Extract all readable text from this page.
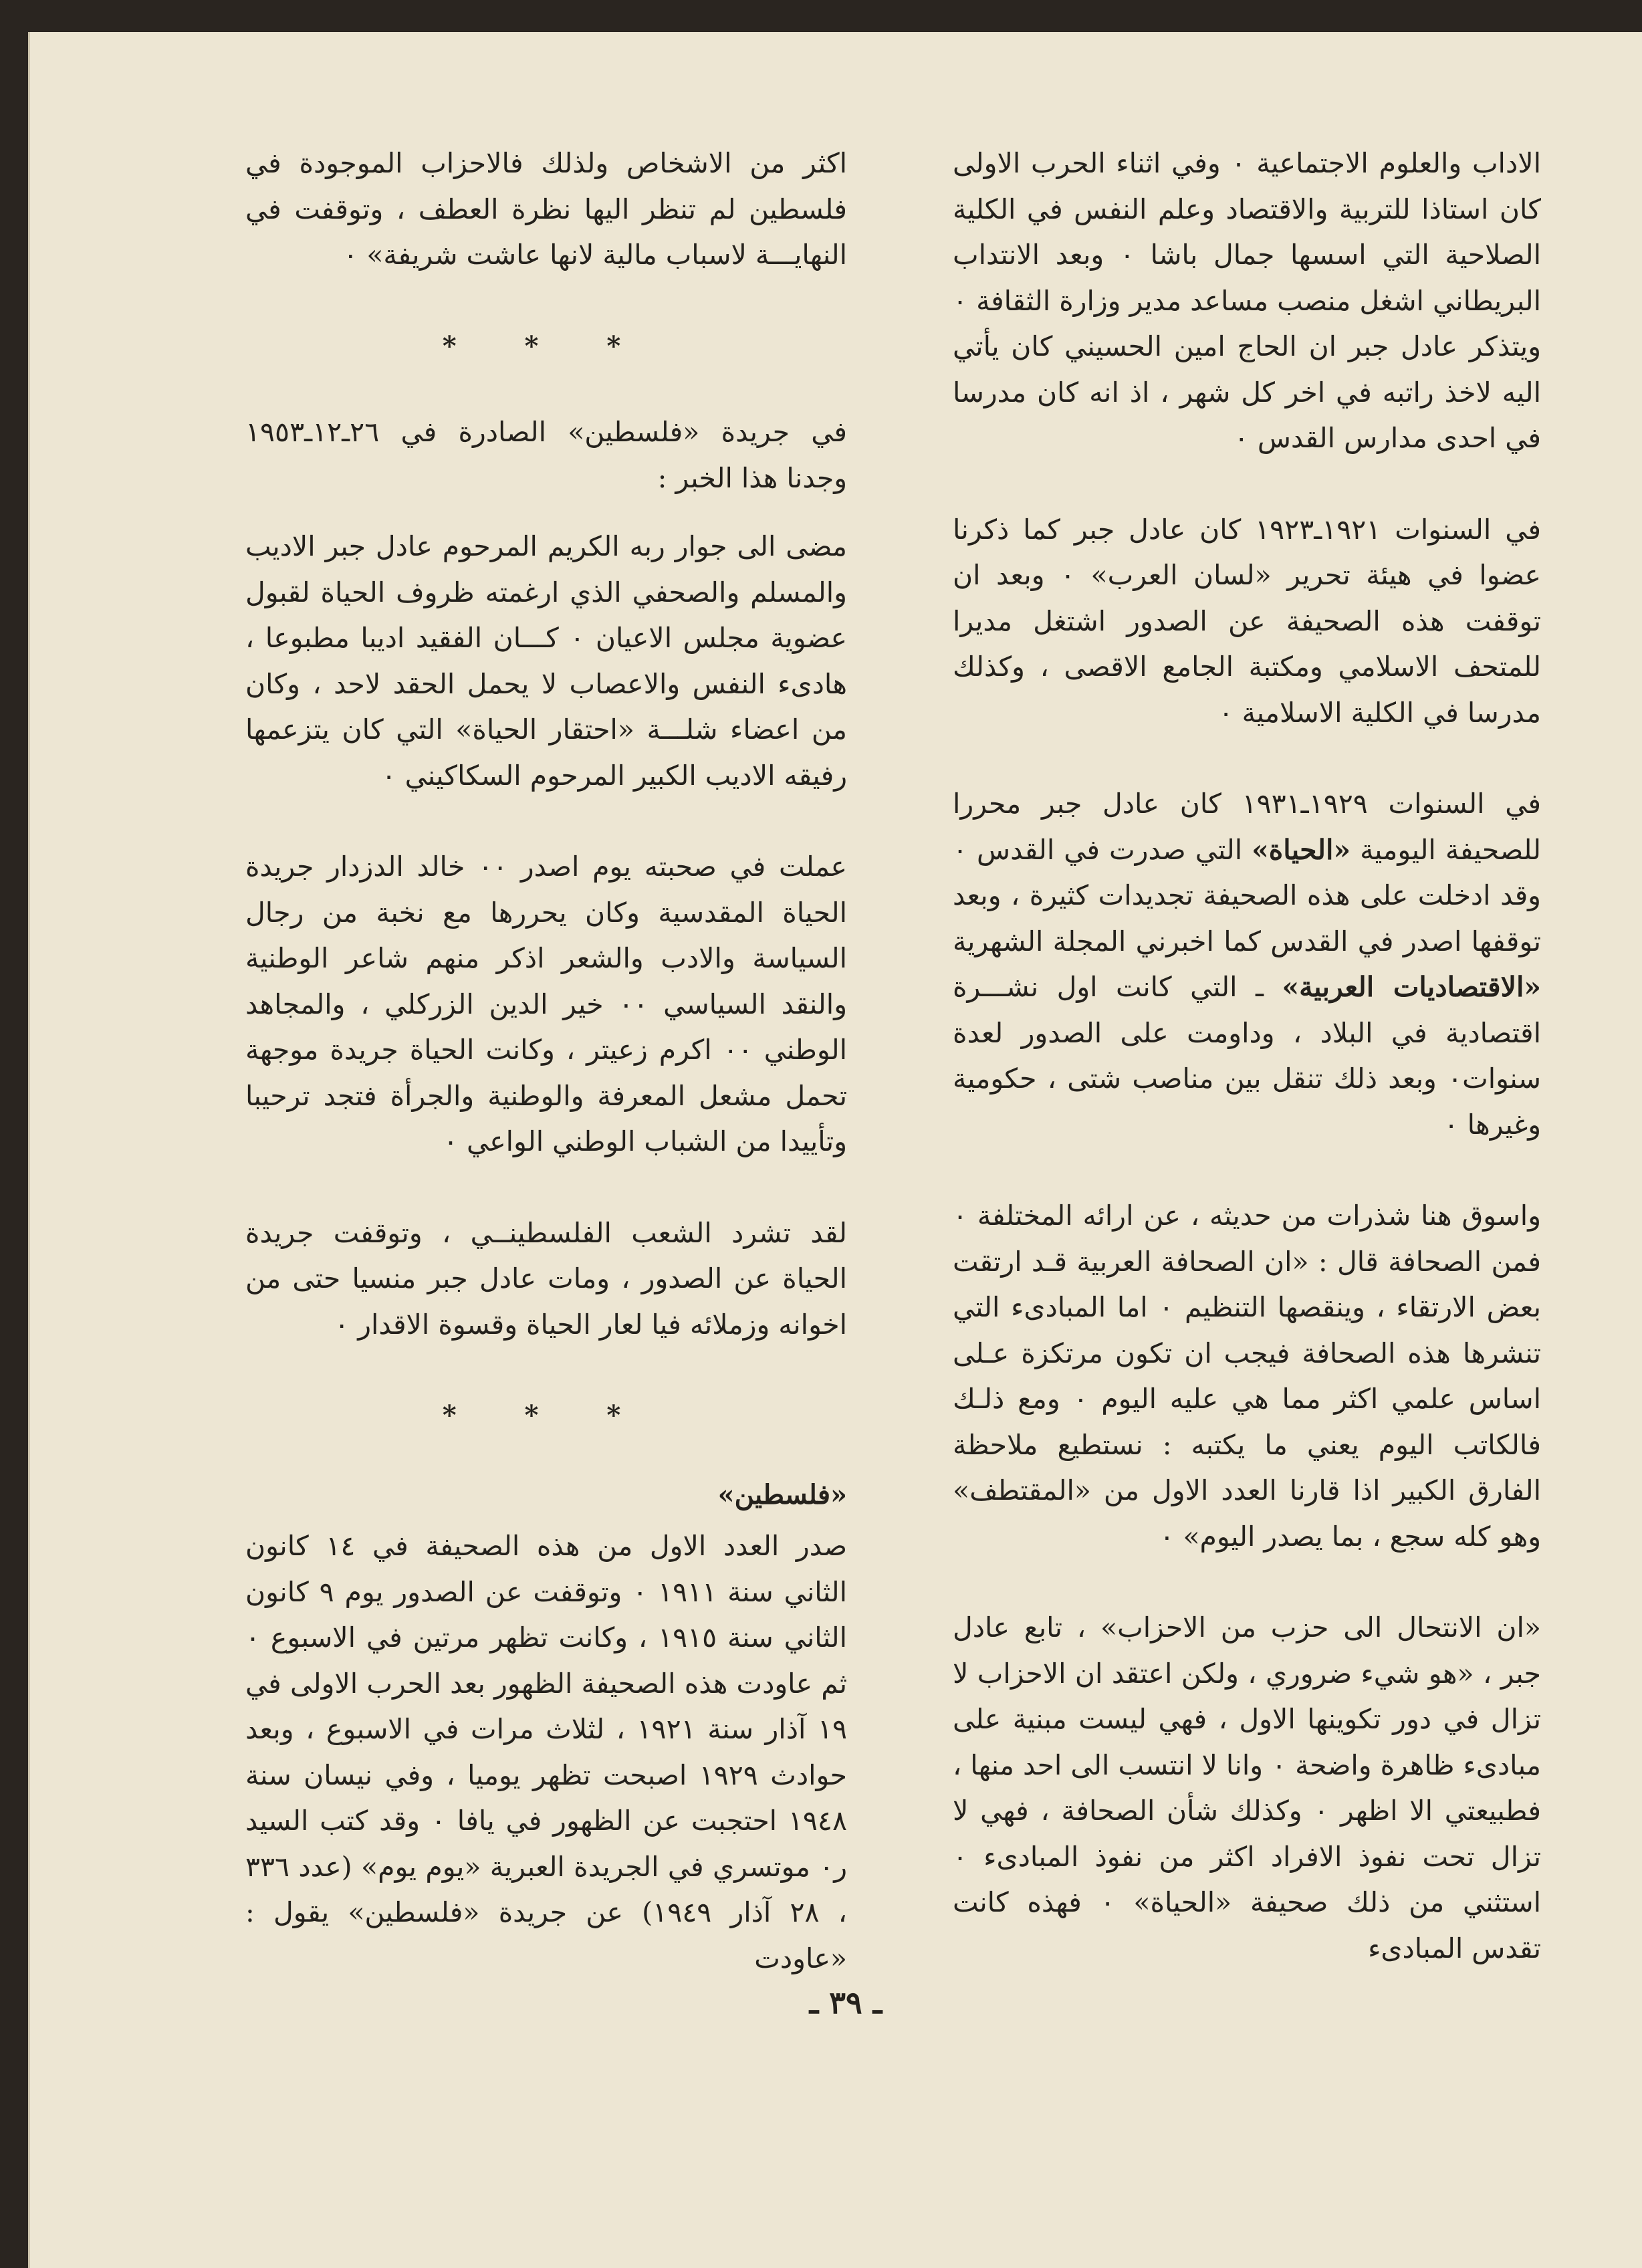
الاداب والعلوم الاجتماعية ٠ وفي اثناء الحرب الاولى كان استاذا للتربية والاقتصاد وعلم النفس في الكلية الصلاحية التي اسسها جمال باشا ٠ وبعد الانتداب البريطاني اشغل منصب مساعد مدير وزارة الثقافة ٠ ويتذكر عادل جبر ان الحاج امين الحسيني كان يأتي اليه لاخذ راتبه في اخر كل شهر ، اذ انه كان مدرسا في احدى مدارس القدس ٠

في السنوات ١٩٢١ـ١٩٢٣ كان عادل جبر كما ذكرنا عضوا في هيئة تحرير «لسان العرب» ٠ وبعد ان توقفت هذه الصحيفة عن الصدور اشتغل مديرا للمتحف الاسلامي ومكتبة الجامع الاقصى ، وكذلك مدرسا في الكلية الاسلامية ٠

في السنوات ١٩٢٩ـ١٩٣١ كان عادل جبر محررا للصحيفة اليومية «الحياة» التي صدرت في القدس ٠ وقد ادخلت على هذه الصحيفة تجديدات كثيرة ، وبعد توقفها اصدر في القدس كما اخبرني المجلة الشهرية «الاقتصاديات العربية» ـ التي كانت اول نشـــرة اقتصادية في البلاد ، وداومت على الصدور لعدة سنوات٠ وبعد ذلك تنقل بين مناصب شتى ، حكومية وغيرها ٠

واسوق هنا شذرات من حديثه ، عن ارائه المختلفة ٠ فمن الصحافة قال : «ان الصحافة العربية قـد ارتقت بعض الارتقاء ، وينقصها التنظيم ٠ اما المبادىء التي تنشرها هذه الصحافة فيجب ان تكون مرتكزة عـلى اساس علمي اكثر مما هي عليه اليوم ٠ ومع ذلـك فالكاتب اليوم يعني ما يكتبه : نستطيع ملاحظة الفارق الكبير اذا قارنا العدد الاول من «المقتطف» وهو كله سجع ، بما يصدر اليوم» ٠

«ان الانتحال الى حزب من الاحزاب» ، تابع عادل جبر ، «هو شيء ضروري ، ولكن اعتقد ان الاحزاب لا تزال في دور تكوينها الاول ، فهي ليست مبنية على مبادىء ظاهرة واضحة ٠ وانا لا انتسب الى احد منها ، فطبيعتي الا اظهر ٠ وكذلك شأن الصحافة ، فهي لا تزال تحت نفوذ الافراد اكثر من نفوذ المبادىء ٠ استثني من ذلك صحيفة «الحياة» ٠ فهذه كانت تقدس المبادىء

اكثر من الاشخاص ولذلك فالاحزاب الموجودة في فلسطين لم تنظر اليها نظرة العطف ، وتوقفت في النهايـــة لاسباب مالية لانها عاشت شريفة» ٠

* * *

في جريدة «فلسطين» الصادرة في ٢٦ـ١٢ـ١٩٥٣ وجدنا هذا الخبر :

مضى الى جوار ربه الكريم المرحوم عادل جبر الاديب والمسلم والصحفي الذي ارغمته ظروف الحياة لقبول عضوية مجلس الاعيان ٠ كـــان الفقيد اديبا مطبوعا ، هادىء النفس والاعصاب لا يحمل الحقد لاحد ، وكان من اعضاء شلـــة «احتقار الحياة» التي كان يتزعمها رفيقه الاديب الكبير المرحوم السكاكيني ٠

عملت في صحبته يوم اصدر ٠٠ خالد الدزدار جريدة الحياة المقدسية وكان يحررها مع نخبة من رجال السياسة والادب والشعر اذكر منهم شاعر الوطنية والنقد السياسي ٠٠ خير الدين الزركلي ، والمجاهد الوطني ٠٠ اكرم زعيتر ، وكانت الحياة جريدة موجهة تحمل مشعل المعرفة والوطنية والجرأة فتجد ترحيبا وتأييدا من الشباب الوطني الواعي ٠

لقد تشرد الشعب الفلسطينــي ، وتوقفت جريدة الحياة عن الصدور ، ومات عادل جبر منسيا حتى من اخوانه وزملائه فيا لعار الحياة وقسوة الاقدار ٠

* * *
«فلسطين»

صدر العدد الاول من هذه الصحيفة في ١٤ كانون الثاني سنة ١٩١١ ٠ وتوقفت عن الصدور يوم ٩ كانون الثاني سنة ١٩١٥ ، وكانت تظهر مرتين في الاسبوع ٠ ثم عاودت هذه الصحيفة الظهور بعد الحرب الاولى في ١٩ آذار سنة ١٩٢١ ، لثلاث مرات في الاسبوع ، وبعد حوادث ١٩٢٩ اصبحت تظهر يوميا ، وفي نيسان سنة ١٩٤٨ احتجبت عن الظهور في يافا ٠ وقد كتب السيد ر٠ موتسري في الجريدة العبرية «يوم يوم» (عدد ٣٣٦ ، ٢٨ آذار ١٩٤٩) عن جريدة «فلسطين» يقول : «عاودت

ـ ٣٩ ـ
